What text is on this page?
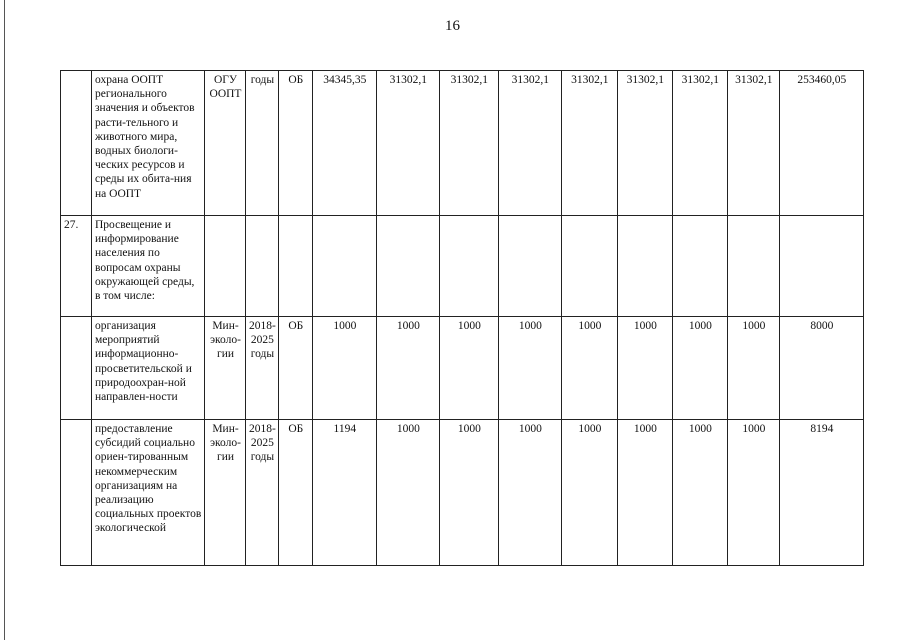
16
	охрана ООПТ регионального значения и объектов расти-тельного и животного мира, водных биологи-ческих ресурсов и среды их обита-ния на ООПТ	ОГУ ООПТ	годы	ОБ	34345,35	31302,1	31302,1	31302,1	31302,1	31302,1	31302,1	31302,1	253460,05
27.	Просвещение и информирование населения по вопросам охраны окружающей среды, в том числе:												
	организация мероприятий информационно-просветительской и природоохран-ной направлен-ности	Мин-эколо-гии	2018-2025 годы	ОБ	1000	1000	1000	1000	1000	1000	1000	1000	8000
	предоставление субсидий социально ориен-тированным некоммерческим организациям на реализацию социальных проектов экологической	Мин-эколо-гии	2018-2025 годы	ОБ	1194	1000	1000	1000	1000	1000	1000	1000	8194
